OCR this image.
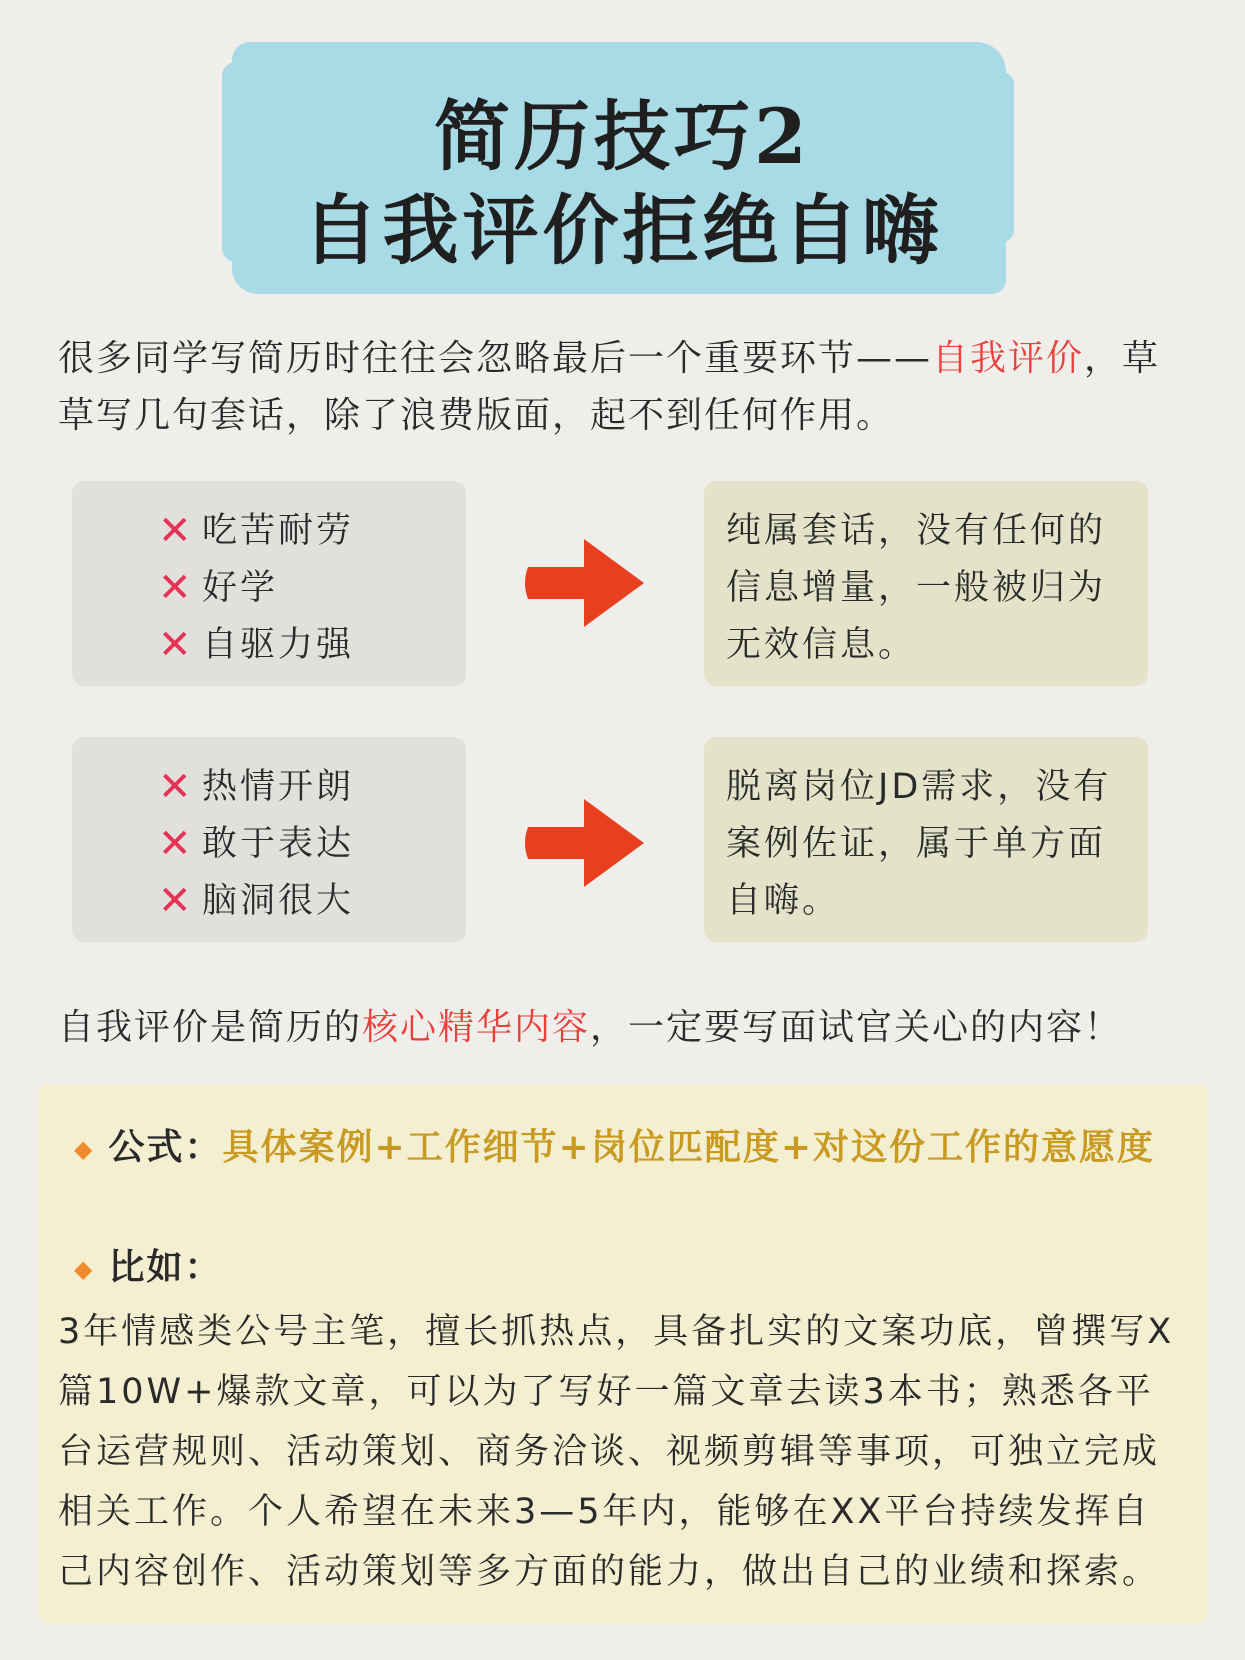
简历技巧2
自我评价拒绝自嗨
很多同学写简历时往往会忽略最后一个重要环节——自我评价，草草写几句套话，除了浪费版面，起不到任何作用。
✕ 吃苦耐劳
✕ 好学
✕ 自驱力强
纯属套话，没有任何的信息增量，一般被归为无效信息。
✕ 热情开朗
✕ 敢于表达
✕ 脑洞很大
脱离岗位JD需求，没有案例佐证，属于单方面自嗨。
自我评价是简历的核心精华内容，一定要写面试官关心的内容！
◆ 公式：具体案例+工作细节+岗位匹配度+对这份工作的意愿度
◆ 比如：
3年情感类公号主笔，擅长抓热点，具备扎实的文案功底，曾撰写X篇10W+爆款文章，可以为了写好一篇文章去读3本书；熟悉各平台运营规则、活动策划、商务洽谈、视频剪辑等事项，可独立完成相关工作。个人希望在未来3—5年内，能够在XX平台持续发挥自己内容创作、活动策划等多方面的能力，做出自己的业绩和探索。
